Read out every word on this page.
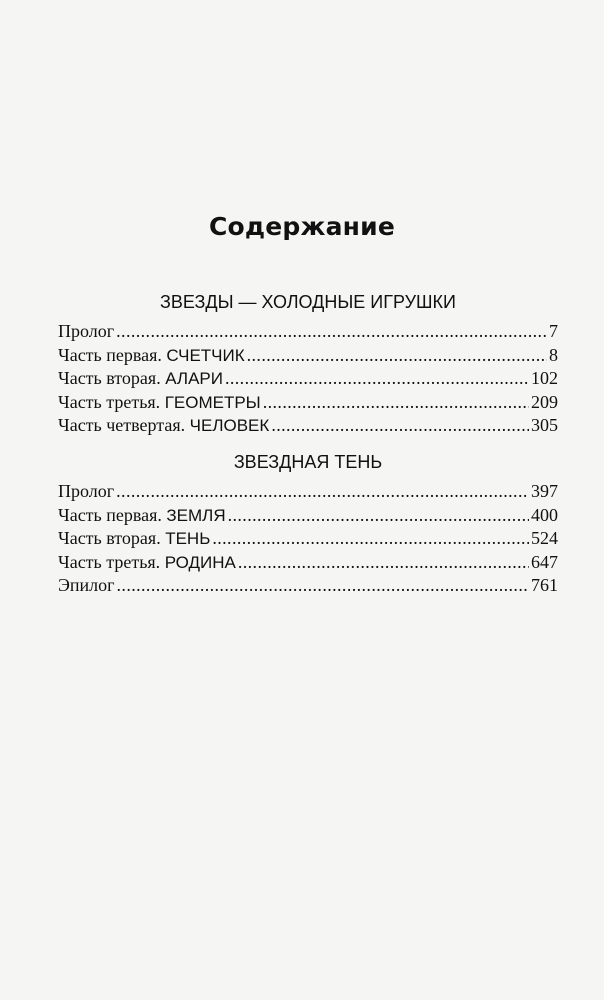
Содержание
ЗВЕЗДЫ — ХОЛОДНЫЕ ИГРУШКИ
Пролог .....	7
Часть первая. СЧЕТЧИК .....	8
Часть вторая. АЛАРИ .....	102
Часть третья. ГЕОМЕТРЫ .....	209
Часть четвертая. ЧЕЛОВЕК .....	305
ЗВЕЗДНАЯ ТЕНЬ
Пролог .....	397
Часть первая. ЗЕМЛЯ .....	400
Часть вторая. ТЕНЬ .....	524
Часть третья. РОДИНА .....	647
Эпилог .....	761
